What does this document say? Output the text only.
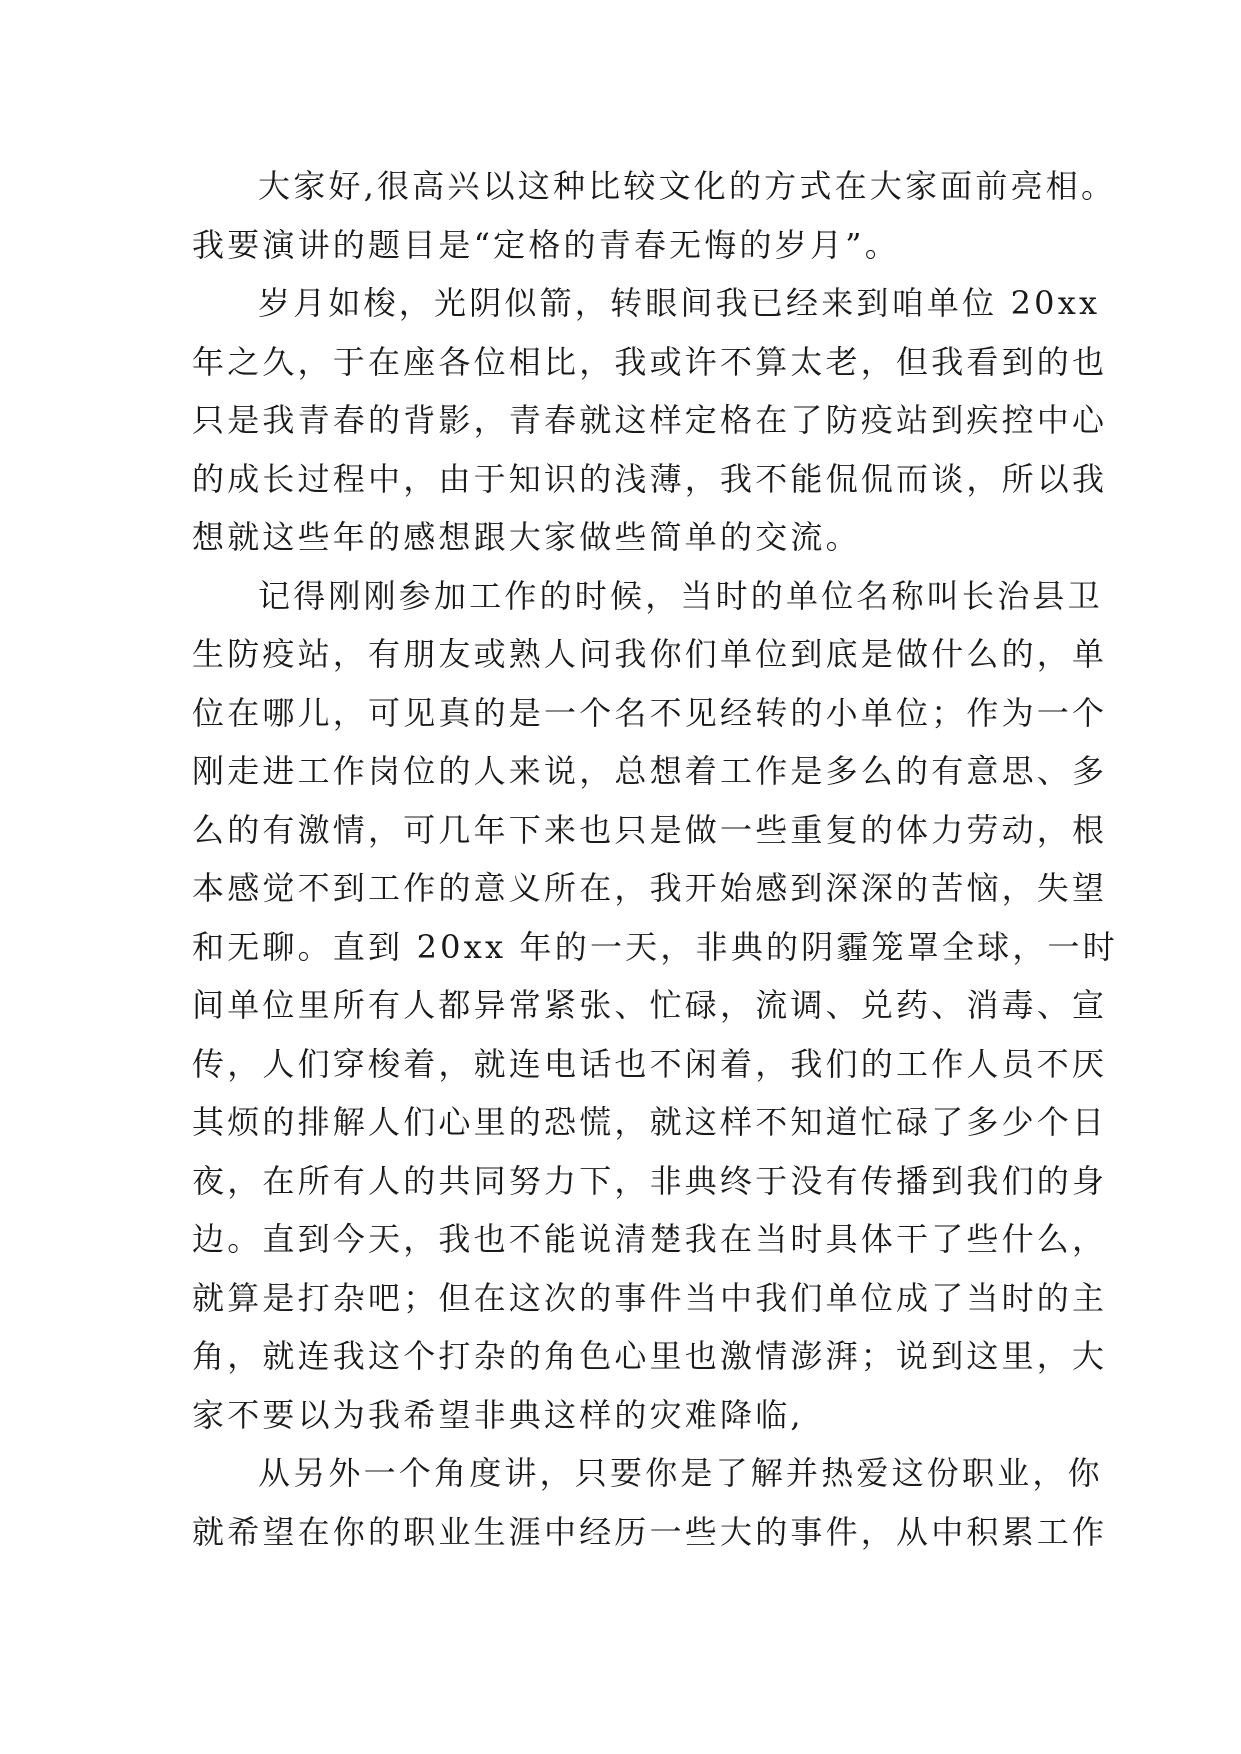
大家好,很高兴以这种比较文化的方式在大家面前亮相。
我要演讲的题目是“定格的青春无悔的岁月”。
岁月如梭，光阴似箭，转眼间我已经来到咱单位 20xx
年之久，于在座各位相比，我或许不算太老，但我看到的也
只是我青春的背影，青春就这样定格在了防疫站到疾控中心
的成长过程中，由于知识的浅薄，我不能侃侃而谈，所以我
想就这些年的感想跟大家做些简单的交流。
记得刚刚参加工作的时候，当时的单位名称叫长治县卫
生防疫站，有朋友或熟人问我你们单位到底是做什么的，单
位在哪儿，可见真的是一个名不见经转的小单位；作为一个
刚走进工作岗位的人来说，总想着工作是多么的有意思、多
么的有激情，可几年下来也只是做一些重复的体力劳动，根
本感觉不到工作的意义所在，我开始感到深深的苦恼，失望
和无聊。直到 20xx 年的一天，非典的阴霾笼罩全球，一时
间单位里所有人都异常紧张、忙碌，流调、兑药、消毒、宣
传，人们穿梭着，就连电话也不闲着，我们的工作人员不厌
其烦的排解人们心里的恐慌，就这样不知道忙碌了多少个日
夜，在所有人的共同努力下，非典终于没有传播到我们的身
边。直到今天，我也不能说清楚我在当时具体干了些什么，
就算是打杂吧；但在这次的事件当中我们单位成了当时的主
角，就连我这个打杂的角色心里也激情澎湃；说到这里，大
家不要以为我希望非典这样的灾难降临,
从另外一个角度讲，只要你是了解并热爱这份职业，你
就希望在你的职业生涯中经历一些大的事件，从中积累工作
